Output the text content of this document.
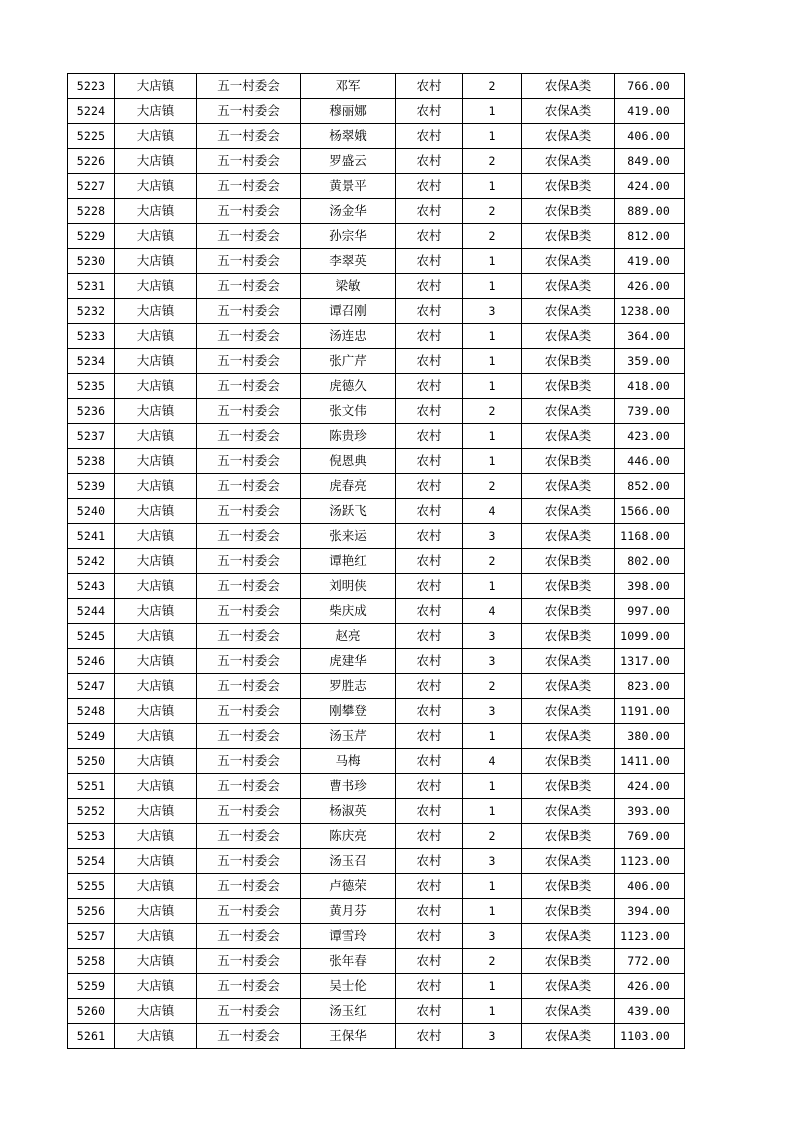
5223	大店镇	五一村委会	邓军	农村	2	农保A类	766.00
5224	大店镇	五一村委会	穆丽娜	农村	1	农保A类	419.00
5225	大店镇	五一村委会	杨翠娥	农村	1	农保A类	406.00
5226	大店镇	五一村委会	罗盛云	农村	2	农保A类	849.00
5227	大店镇	五一村委会	黄景平	农村	1	农保B类	424.00
5228	大店镇	五一村委会	汤金华	农村	2	农保B类	889.00
5229	大店镇	五一村委会	孙宗华	农村	2	农保B类	812.00
5230	大店镇	五一村委会	李翠英	农村	1	农保A类	419.00
5231	大店镇	五一村委会	梁敏	农村	1	农保A类	426.00
5232	大店镇	五一村委会	谭召刚	农村	3	农保A类	1238.00
5233	大店镇	五一村委会	汤连忠	农村	1	农保A类	364.00
5234	大店镇	五一村委会	张广芹	农村	1	农保B类	359.00
5235	大店镇	五一村委会	虎德久	农村	1	农保B类	418.00
5236	大店镇	五一村委会	张文伟	农村	2	农保A类	739.00
5237	大店镇	五一村委会	陈贵珍	农村	1	农保A类	423.00
5238	大店镇	五一村委会	倪恩典	农村	1	农保B类	446.00
5239	大店镇	五一村委会	虎春亮	农村	2	农保A类	852.00
5240	大店镇	五一村委会	汤跃飞	农村	4	农保A类	1566.00
5241	大店镇	五一村委会	张来运	农村	3	农保A类	1168.00
5242	大店镇	五一村委会	谭艳红	农村	2	农保B类	802.00
5243	大店镇	五一村委会	刘明侠	农村	1	农保B类	398.00
5244	大店镇	五一村委会	柴庆成	农村	4	农保B类	997.00
5245	大店镇	五一村委会	赵亮	农村	3	农保B类	1099.00
5246	大店镇	五一村委会	虎建华	农村	3	农保A类	1317.00
5247	大店镇	五一村委会	罗胜志	农村	2	农保A类	823.00
5248	大店镇	五一村委会	刚攀登	农村	3	农保A类	1191.00
5249	大店镇	五一村委会	汤玉芹	农村	1	农保A类	380.00
5250	大店镇	五一村委会	马梅	农村	4	农保B类	1411.00
5251	大店镇	五一村委会	曹书珍	农村	1	农保B类	424.00
5252	大店镇	五一村委会	杨淑英	农村	1	农保A类	393.00
5253	大店镇	五一村委会	陈庆亮	农村	2	农保B类	769.00
5254	大店镇	五一村委会	汤玉召	农村	3	农保A类	1123.00
5255	大店镇	五一村委会	卢德荣	农村	1	农保B类	406.00
5256	大店镇	五一村委会	黄月芬	农村	1	农保B类	394.00
5257	大店镇	五一村委会	谭雪玲	农村	3	农保A类	1123.00
5258	大店镇	五一村委会	张年春	农村	2	农保B类	772.00
5259	大店镇	五一村委会	吴士伦	农村	1	农保A类	426.00
5260	大店镇	五一村委会	汤玉红	农村	1	农保A类	439.00
5261	大店镇	五一村委会	王保华	农村	3	农保A类	1103.00
